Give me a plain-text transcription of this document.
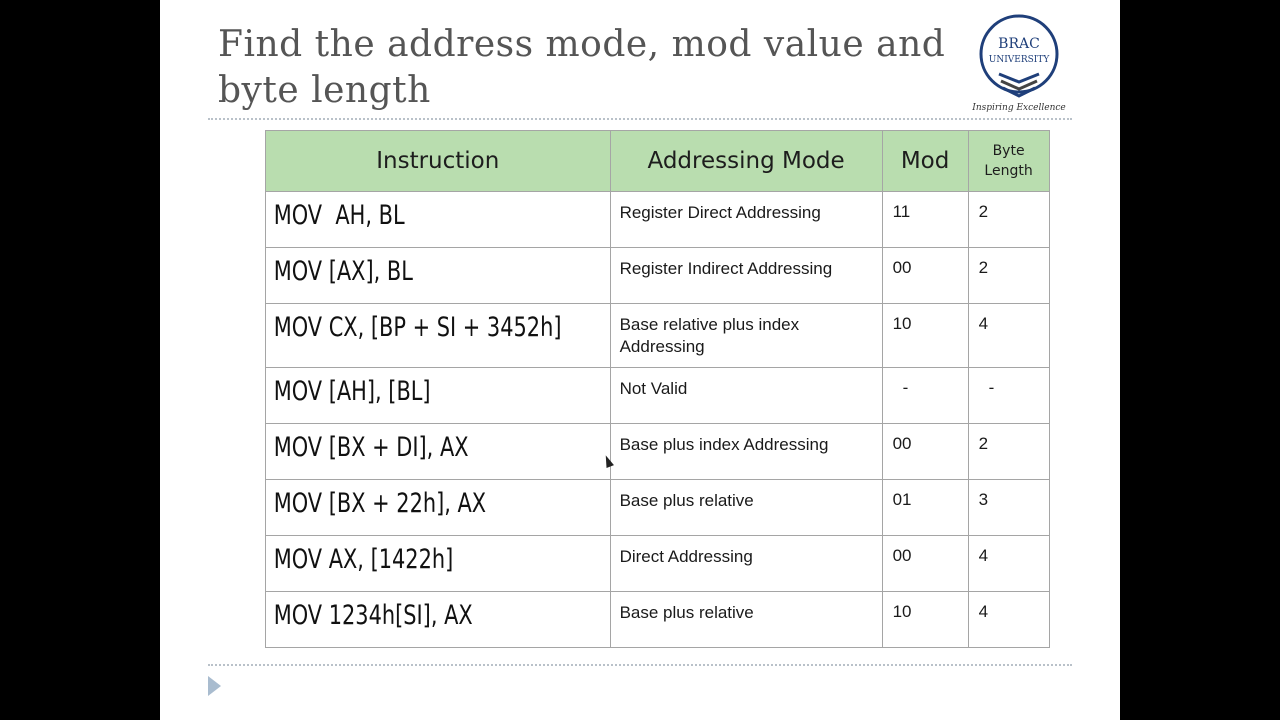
Find the address mode, mod value and byte length
BRAC
UNIVERSITY
Inspiring Excellence
Instruction	Addressing Mode	Mod	Byte Length

MOV  AH, BL	Register Direct Addressing	11	2

MOV [AX], BL	Register Indirect Addressing	00	2

MOV CX, [BP + SI + 3452h]	Base relative plus index Addressing	10	4

MOV [AH], [BL]	Not Valid	-	-

MOV [BX + DI], AX	Base plus index Addressing	00	2

MOV [BX + 22h], AX	Base plus relative	01	3

MOV AX, [1422h]	Direct Addressing	00	4

MOV 1234h[SI], AX	Base plus relative	10	4
